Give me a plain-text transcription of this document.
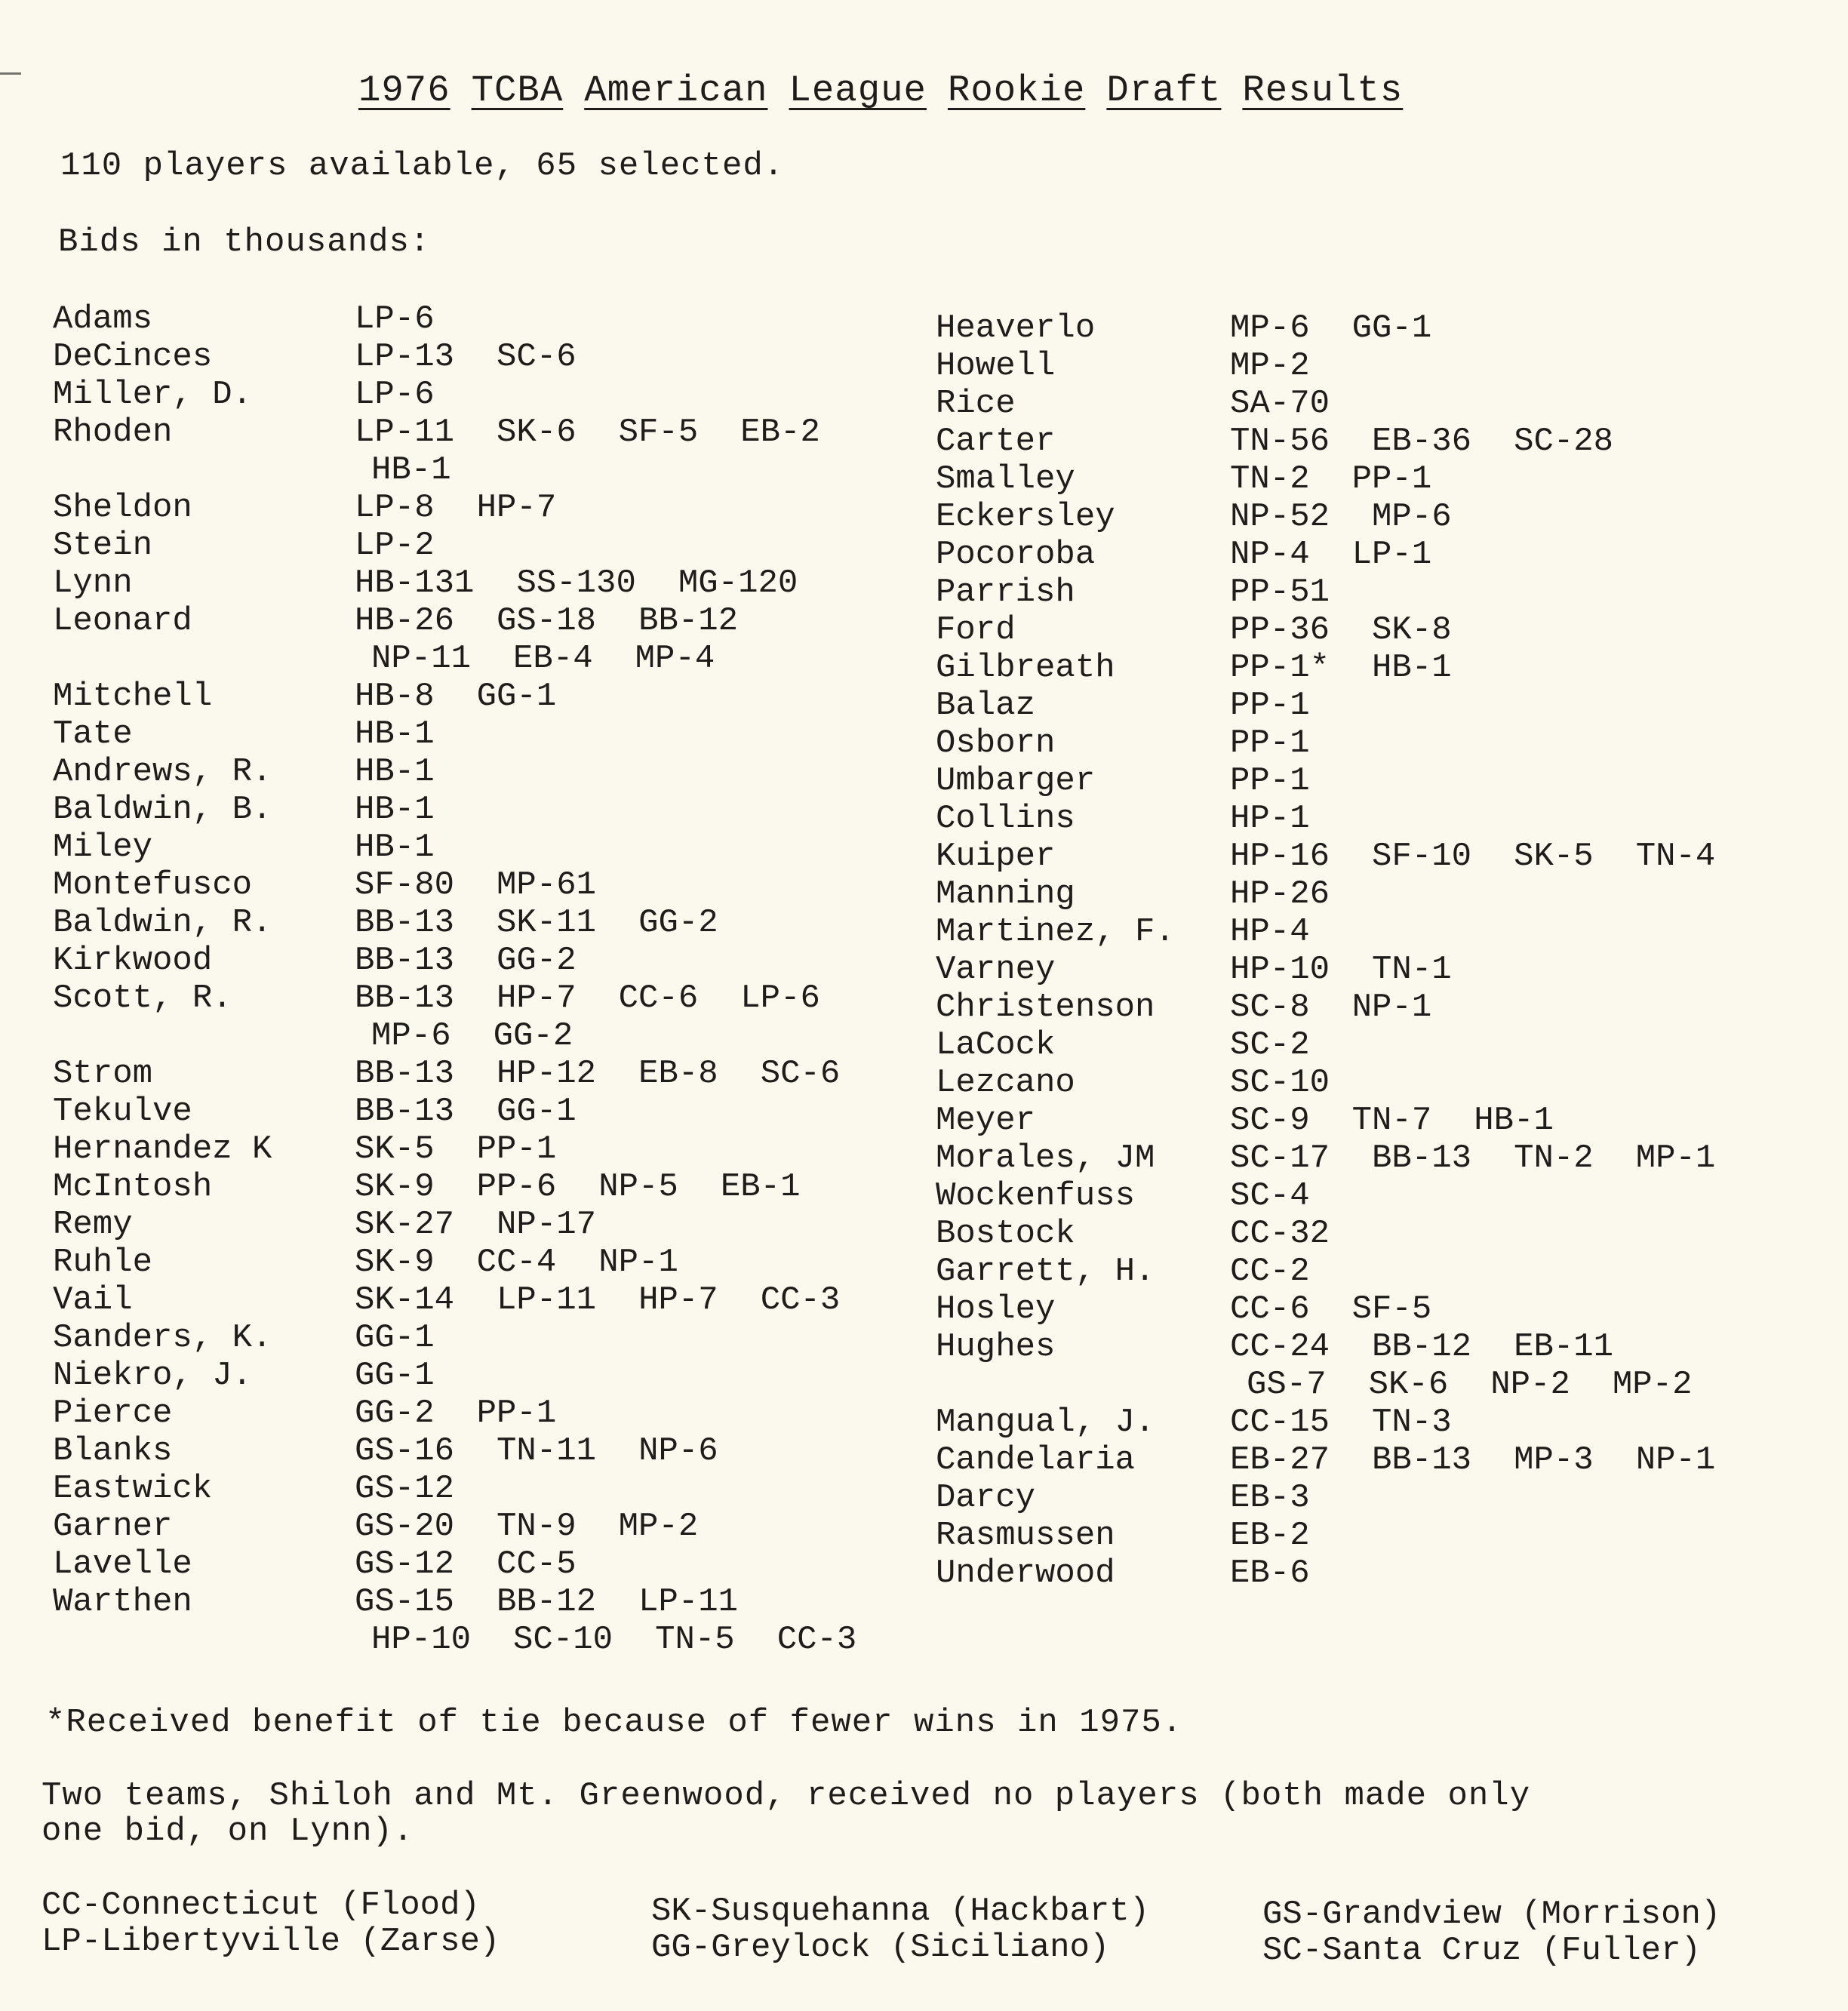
1976 TCBA American League Rookie Draft Results
110 players available, 65 selected.
Bids in thousands:
Adams	LP-6
DeCinces	LP-13 SC-6
Miller, D.	LP-6
Rhoden	LP-11 SK-6 SF-5 EB-2
HB-1
Sheldon	LP-8 HP-7
Stein	LP-2
Lynn	HB-131 SS-130 MG-120
Leonard	HB-26 GS-18 BB-12
NP-11 EB-4 MP-4
Mitchell	HB-8 GG-1
Tate	HB-1
Andrews, R. HB-1
Baldwin, B. HB-1
Miley	HB-1
Montefusco	SF-80 MP-61
Baldwin, R. BB-13 SK-11 GG-2
Kirkwood	BB-13 GG-2
Scott, R.	BB-13 HP-7 CC-6 LP-6
MP-6 GG-2
Strom	BB-13 HP-12 EB-8 SC-6
Tekulve	BB-13 GG-1
Hernandez K SK-5 PP-1
McIntosh	SK-9 PP-6 NP-5 EB-1
Remy	SK-27 NP-17
Ruhle	SK-9 CC-4 NP-1
Vail	SK-14 LP-11 HP-7 CC-3
Sanders, K. GG-1
Niekro, J.	GG-1
Pierce	GG-2 PP-1
Blanks	GS-16 TN-11 NP-6
Eastwick	GS-12
Garner	GS-20 TN-9 MP-2
Lavelle	GS-12 CC-5
Warthen	GS-15 BB-12 LP-11
HP-10 SC-10 TN-5 CC-3
Heaverlo	MP-6 GG-1
Howell	MP-2
Rice	SA-70
Carter	TN-56 EB-36 SC-28
Smalley	TN-2 PP-1
Eckersley	NP-52 MP-6
Pocoroba	NP-4 LP-1
Parrish	PP-51
Ford	PP-36 SK-8
Gilbreath	PP-1* HB-1
Balaz	PP-1
Osborn	PP-1
Umbarger	PP-1
Collins	HP-1
Kuiper	HP-16 SF-10 SK-5 TN-4
Manning	HP-26
Martinez, F. HP-4
Varney	HP-10 TN-1
Christenson SC-8 NP-1
LaCock	SC-2
Lezcano	SC-10
Meyer	SC-9 TN-7 HB-1
Morales, JM SC-17 BB-13 TN-2 MP-1
Wockenfuss	SC-4
Bostock	CC-32
Garrett, H. CC-2
Hosley	CC-6 SF-5
Hughes	CC-24 BB-12 EB-11
GS-7 SK-6 NP-2 MP-2
Mangual, J. CC-15 TN-3
Candelaria	EB-27 BB-13 MP-3 NP-1
Darcy	EB-3
Rasmussen	EB-2
Underwood	EB-6
*Received benefit of tie because of fewer wins in 1975.
Two teams, Shiloh and Mt. Greenwood, received no players (both made only
one bid, on Lynn).
CC-Connecticut (Flood)
LP-Libertyville (Zarse)
SK-Susquehanna (Hackbart)
GG-Greylock (Siciliano)
GS-Grandview (Morrison)
SC-Santa Cruz (Fuller)
